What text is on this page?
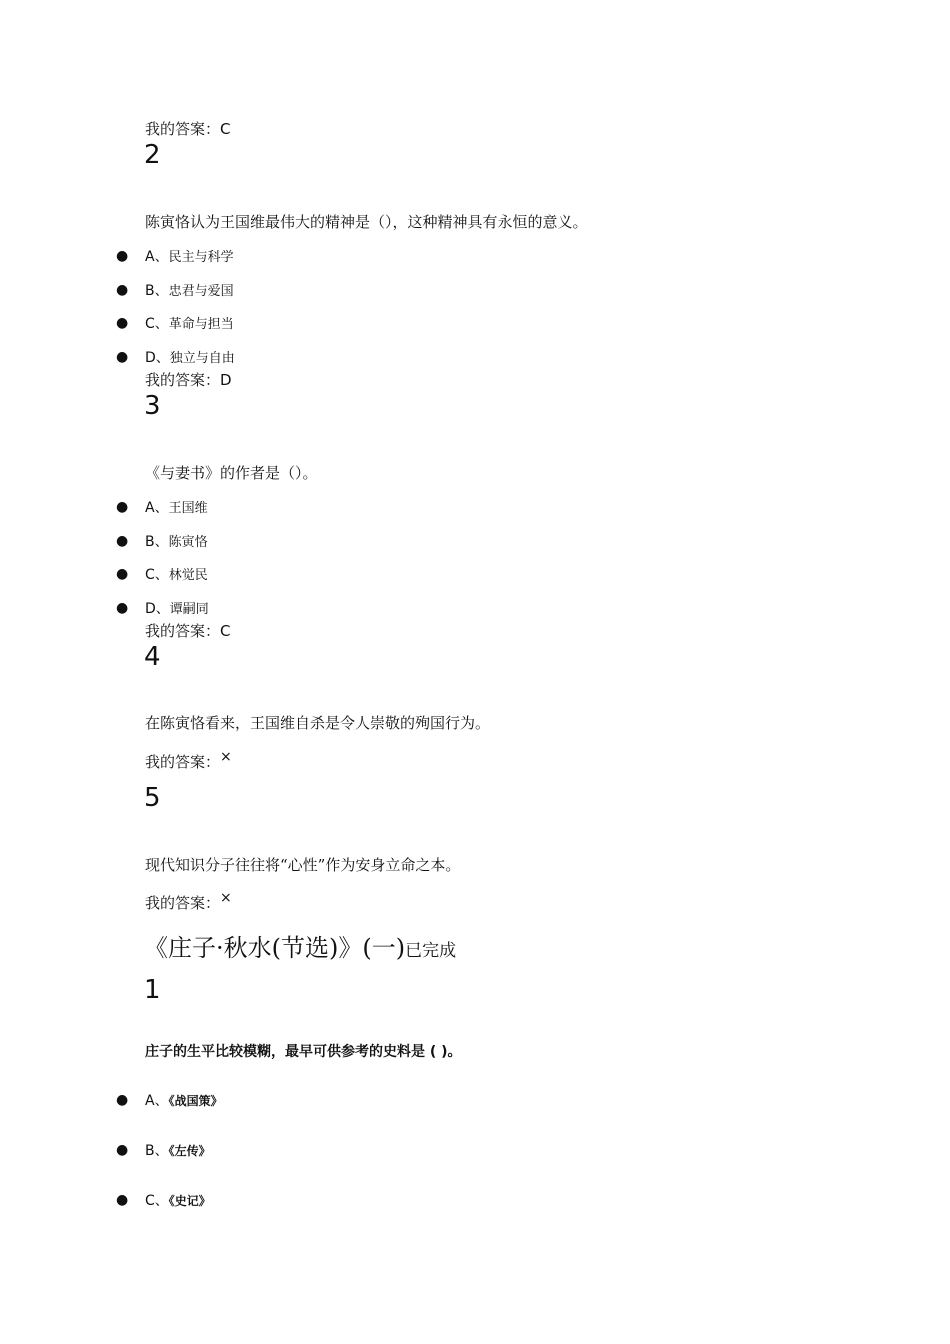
我的答案：C
2
陈寅恪认为王国维最伟大的精神是（），这种精神具有永恒的意义。
● A、民主与科学
● B、忠君与爱国
● C、革命与担当
● D、独立与自由
我的答案：D
3
《与妻书》的作者是（）。
● A、王国维
● B、陈寅恪
● C、林觉民
● D、谭嗣同
我的答案：C
4
在陈寅恪看来，王国维自杀是令人崇敬的殉国行为。
我的答案：×
5
现代知识分子往往将“心性”作为安身立命之本。
我的答案：×
《庄子·秋水(节选)》(一)已完成
1
庄子的生平比较模糊，最早可供参考的史料是 ( )。
● A、《战国策》
● B、《左传》
● C、《史记》
